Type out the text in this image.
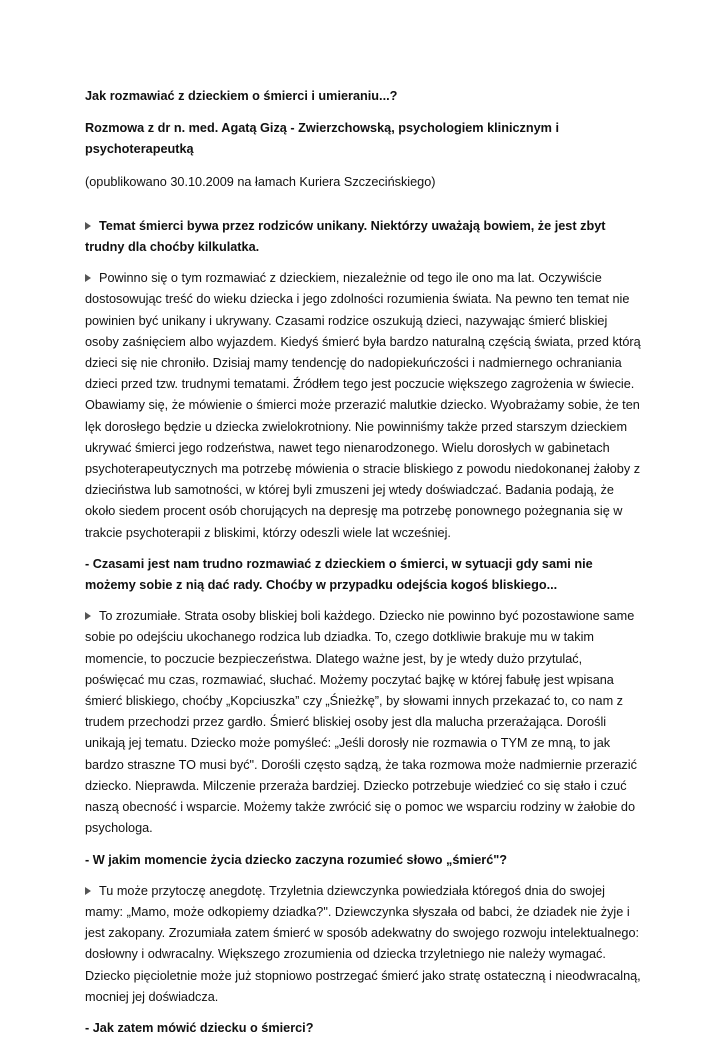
Jak rozmawiać z dzieckiem o śmierci i umieraniu...?

Rozmowa z dr n. med. Agatą Gizą - Zwierzchowską, psychologiem klinicznym i psychoterapeutką

(opublikowano 30.10.2009 na łamach Kuriera Szczecińskiego)

Temat śmierci bywa przez rodziców unikany. Niektórzy uważają bowiem, że jest zbyt trudny dla choćby kilkulatka.

Powinno się o tym rozmawiać z dzieckiem, niezależnie od tego ile ono ma lat. Oczywiście dostosowując treść do wieku dziecka i jego zdolności rozumienia świata. Na pewno ten temat nie powinien być unikany i ukrywany. Czasami rodzice oszukują dzieci, nazywając śmierć bliskiej osoby zaśnięciem albo wyjazdem. Kiedyś śmierć była bardzo naturalną częścią świata, przed którą dzieci się nie chroniło. Dzisiaj mamy tendencję do nadopiekuńczości i nadmiernego ochraniania dzieci przed tzw. trudnymi tematami. Źródłem tego jest poczucie większego zagrożenia w świecie. Obawiamy się, że mówienie o śmierci może przerazić malutkie dziecko. Wyobrażamy sobie, że ten lęk dorosłego będzie u dziecka zwielokrotniony. Nie powinniśmy także przed starszym dzieckiem ukrywać śmierci jego rodzeństwa, nawet tego nienarodzonego. Wielu dorosłych w gabinetach psychoterapeutycznych ma potrzebę mówienia o stracie bliskiego z powodu niedokonanej żałoby z dzieciństwa lub samotności, w której byli zmuszeni jej wtedy doświadczać. Badania podają, że około siedem procent osób chorujących na depresję ma potrzebę ponownego pożegnania się w trakcie psychoterapii z bliskimi, którzy odeszli wiele lat wcześniej.

- Czasami jest nam trudno rozmawiać z dzieckiem o śmierci, w sytuacji gdy sami nie możemy sobie z nią dać rady. Choćby w przypadku odejścia kogoś bliskiego...

To zrozumiałe. Strata osoby bliskiej boli każdego. Dziecko nie powinno być pozostawione same sobie po odejściu ukochanego rodzica lub dziadka. To, czego dotkliwie brakuje mu w takim momencie, to poczucie bezpieczeństwa. Dlatego ważne jest, by je wtedy dużo przytulać, poświęcać mu czas, rozmawiać, słuchać. Możemy poczytać bajkę w której fabułę jest wpisana śmierć bliskiego, choćby „Kopciuszka” czy „Śnieżkę”, by słowami innych przekazać to, co nam z trudem przechodzi przez gardło. Śmierć bliskiej osoby jest dla malucha przerażająca. Dorośli unikają jej tematu. Dziecko może pomyśleć: „Jeśli dorosły nie rozmawia o TYM ze mną, to jak bardzo straszne TO musi być". Dorośli często sądzą, że taka rozmowa może nadmiernie przerazić dziecko. Nieprawda. Milczenie przeraża bardziej. Dziecko potrzebuje wiedzieć co się stało i czuć naszą obecność i wsparcie. Możemy także zwrócić się o pomoc we wsparciu rodziny w żałobie do psychologa.

- W jakim momencie życia dziecko zaczyna rozumieć słowo „śmierć"?

Tu może przytoczę anegdotę. Trzyletnia dziewczynka powiedziała któregoś dnia do swojej mamy: „Mamo, może odkopiemy dziadka?". Dziewczynka słyszała od babci, że dziadek nie żyje i jest zakopany. Zrozumiała zatem śmierć w sposób adekwatny do swojego rozwoju intelektualnego: dosłowny i odwracalny. Większego zrozumienia od dziecka trzyletniego nie należy wymagać. Dziecko pięcioletnie może już stopniowo postrzegać śmierć jako stratę ostateczną i nieodwracalną, mocniej jej doświadcza.

- Jak zatem mówić dziecku o śmierci?
